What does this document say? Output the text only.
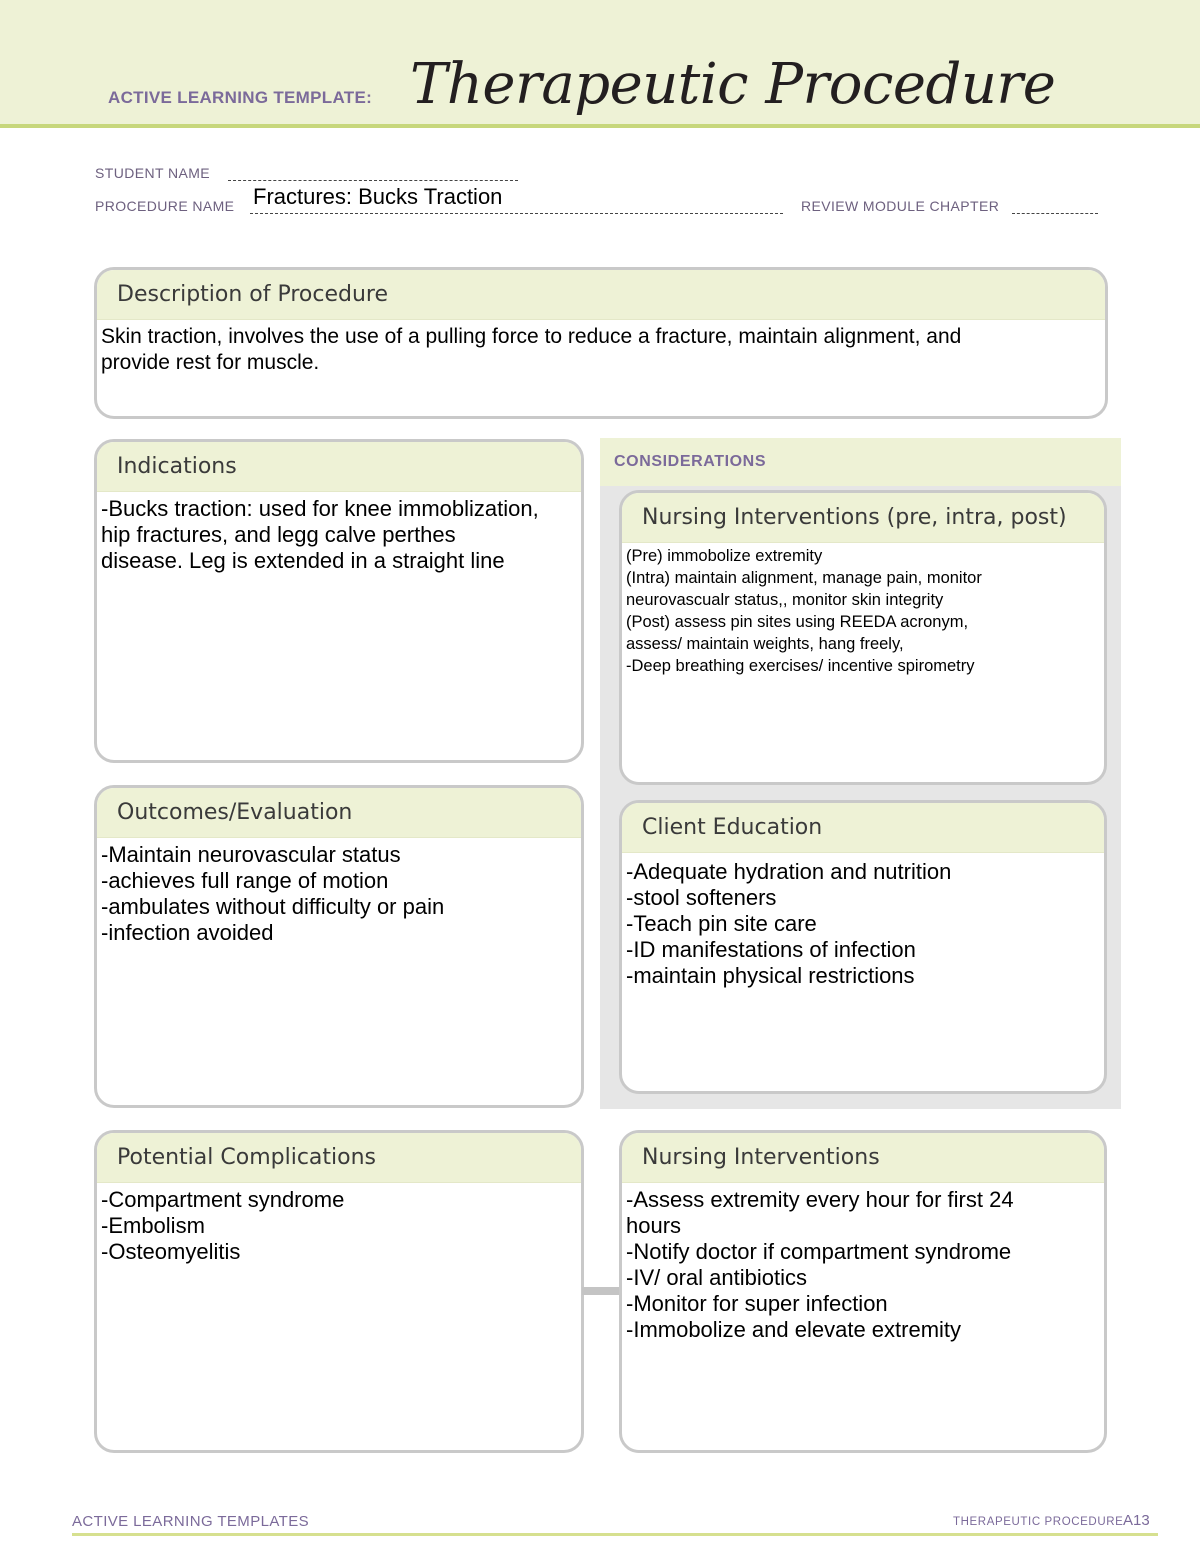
ACTIVE LEARNING TEMPLATE: Therapeutic Procedure
STUDENT NAME
PROCEDURE NAME Fractures: Bucks Traction	REVIEW MODULE CHAPTER
Description of Procedure

Skin traction, involves the use of a pulling force to reduce a fracture, maintain alignment, and

provide rest for muscle.

Indications

-Bucks traction: used for knee immoblization,

hip fractures, and legg calve perthes

disease. Leg is extended in a straight line

CONSIDERATIONS
Nursing Interventions (pre, intra, post)

(Pre) immobolize extremity

(Intra) maintain alignment, manage pain, monitor

neurovascualr status,, monitor skin integrity

(Post) assess pin sites using REEDA acronym,

assess/ maintain weights, hang freely,

-Deep breathing exercises/ incentive spirometry

Client Education

-Adequate hydration and nutrition

-stool softeners

-Teach pin site care

-ID manifestations of infection

-maintain physical restrictions

Outcomes/Evaluation

-Maintain neurovascular status

-achieves full range of motion

-ambulates without difficulty or pain

-infection avoided

Potential Complications

-Compartment syndrome

-Embolism

-Osteomyelitis

Nursing Interventions

-Assess extremity every hour for first 24

hours

-Notify doctor if compartment syndrome

-IV/ oral antibiotics

-Monitor for super infection

-Immobolize and elevate extremity

ACTIVE LEARNING TEMPLATES	THERAPEUTIC PROCEDURE A13
